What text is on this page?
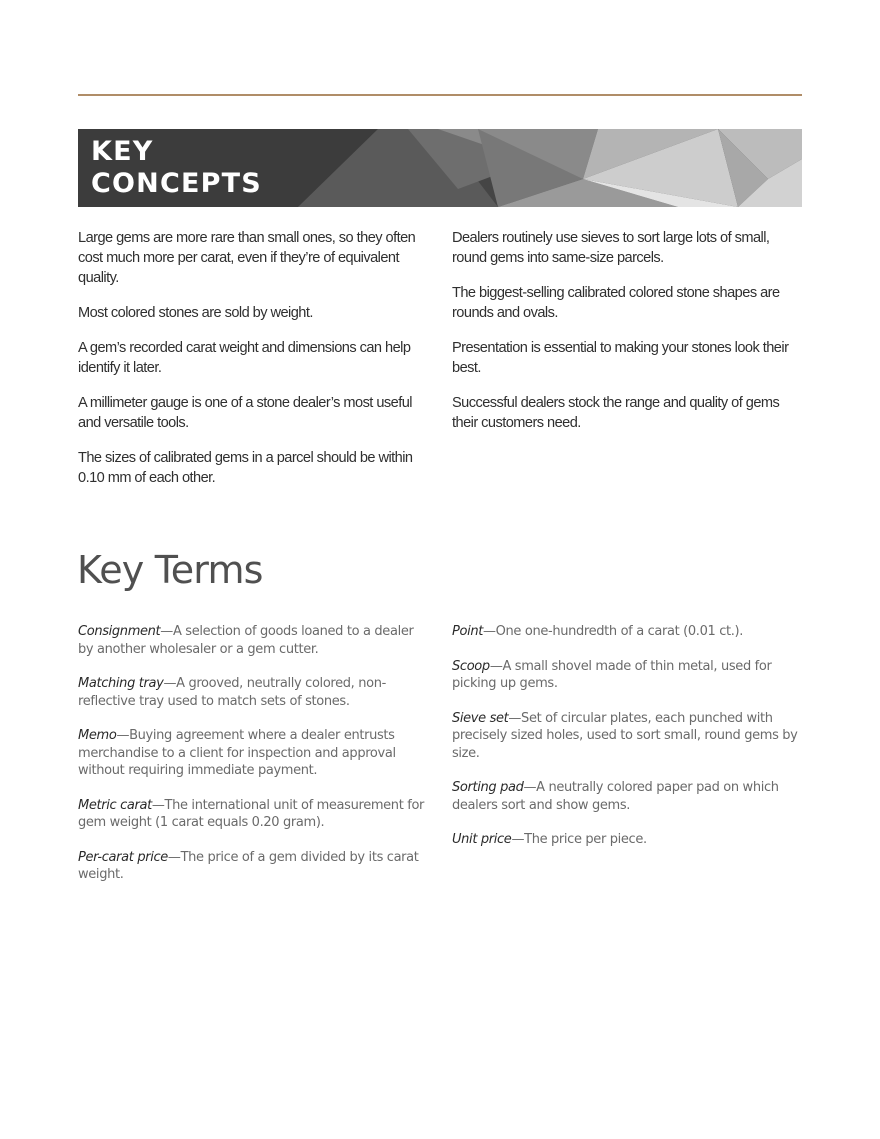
KEY
CONCEPTS

Large gems are more rare than small ones, so they often cost much more per carat, even if they’re of equivalent quality.

Most colored stones are sold by weight.

A gem’s recorded carat weight and dimensions can help identify it later.

A millimeter gauge is one of a stone dealer’s most useful and versatile tools.

The sizes of calibrated gems in a parcel should be within 0.10 mm of each other.

Dealers routinely use sieves to sort large lots of small, round gems into same-size parcels.

The biggest-selling calibrated colored stone shapes are rounds and ovals.

Presentation is essential to making your stones look their best.

Successful dealers stock the range and quality of gems their customers need.

Key Terms

Consignment—A selection of goods loaned to a dealer by another wholesaler or a gem cutter.

Matching tray—A grooved, neutrally colored, non-reflective tray used to match sets of stones.

Memo—Buying agreement where a dealer entrusts merchandise to a client for inspection and approval without requiring immediate payment.

Metric carat—The international unit of measurement for gem weight (1 carat equals 0.20 gram).

Per-carat price—The price of a gem divided by its carat weight.

Point—One one-hundredth of a carat (0.01 ct.).

Scoop—A small shovel made of thin metal, used for picking up gems.

Sieve set—Set of circular plates, each punched with precisely sized holes, used to sort small, round gems by size.

Sorting pad—A neutrally colored paper pad on which dealers sort and show gems.

Unit price—The price per piece.
